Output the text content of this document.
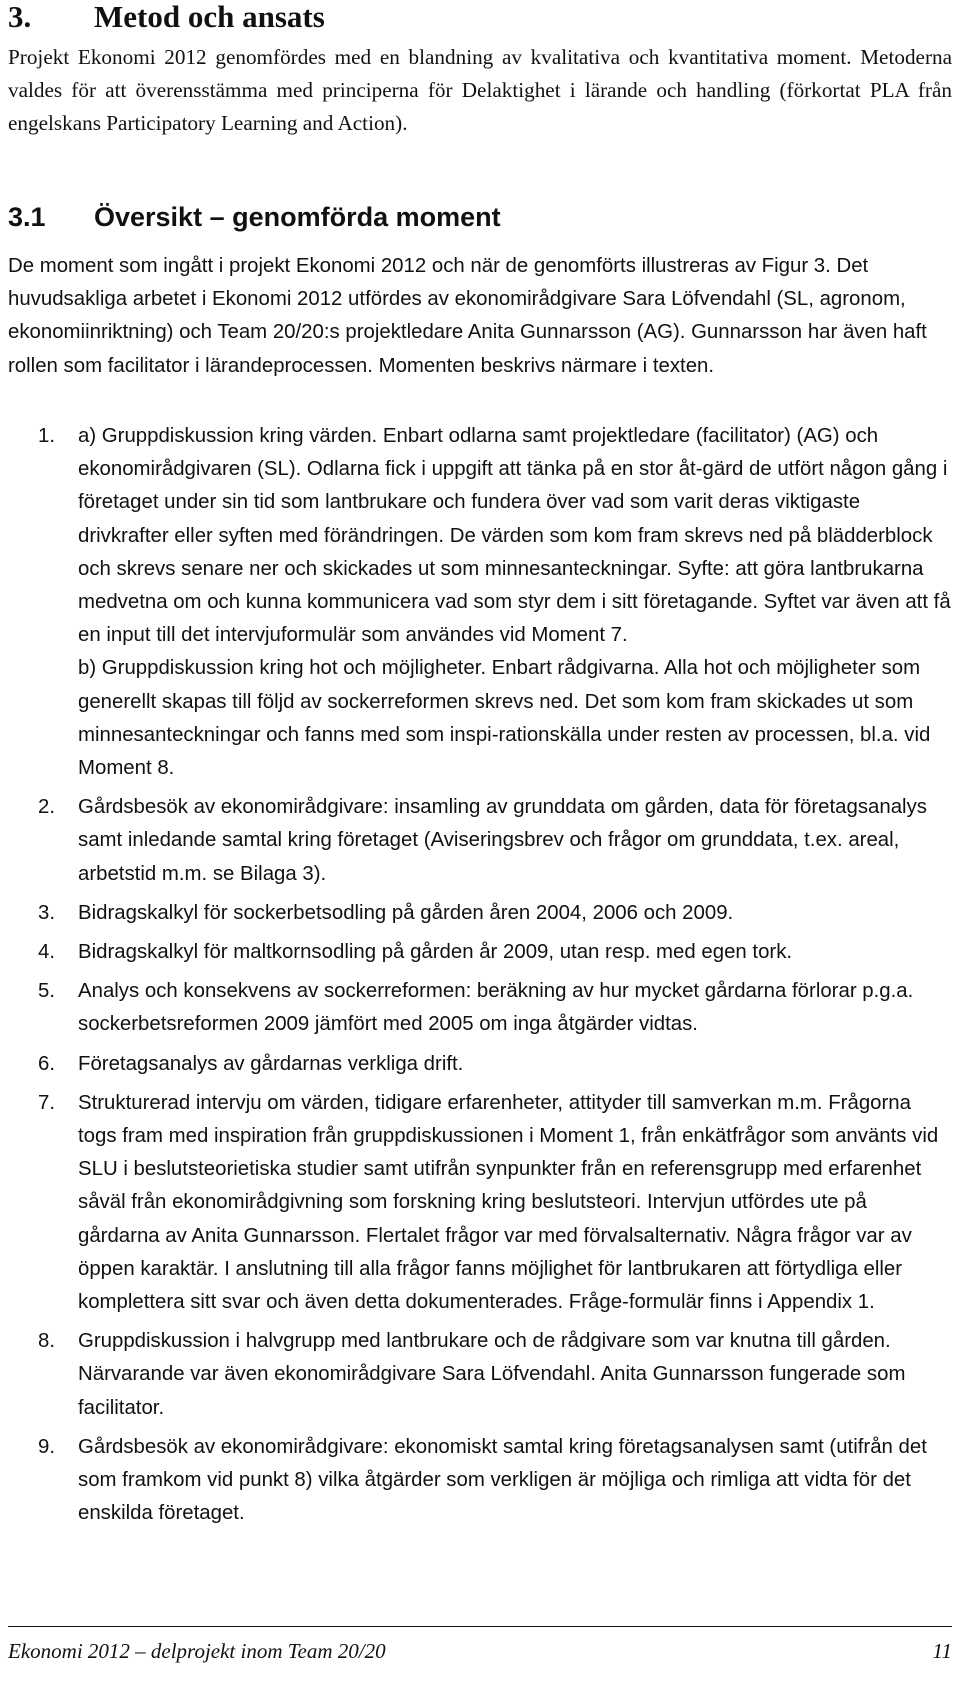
3. Metod och ansats
Projekt Ekonomi 2012 genomfördes med en blandning av kvalitativa och kvantitativa moment. Metoderna valdes för att överensstämma med principerna för Delaktighet i lärande och handling (förkortat PLA från engelskans Participatory Learning and Action).
3.1 Översikt – genomförda moment
De moment som ingått i projekt Ekonomi 2012 och när de genomförts illustreras av Figur 3. Det huvudsakliga arbetet i Ekonomi 2012 utfördes av ekonomirådgivare Sara Löfvendahl (SL, agronom, ekonomiinriktning) och Team 20/20:s projektledare Anita Gunnarsson (AG). Gunnarsson har även haft rollen som facilitator i lärandeprocessen. Momenten beskrivs närmare i texten.
1.	a) Gruppdiskussion kring värden. Enbart odlarna samt projektledare (facilitator) (AG) och ekonomirådgivaren (SL). Odlarna fick i uppgift att tänka på en stor åt-gärd de utfört någon gång i företaget under sin tid som lantbrukare och fundera över vad som varit deras viktigaste drivkrafter eller syften med förändringen. De värden som kom fram skrevs ned på blädderblock och skrevs senare ner och skickades ut som minnesanteckningar. Syfte: att göra lantbrukarna medvetna om och kunna kommunicera vad som styr dem i sitt företagande. Syftet var även att få en input till det intervjuformulär som användes vid Moment 7.
b) Gruppdiskussion kring hot och möjligheter. Enbart rådgivarna. Alla hot och möjligheter som generellt skapas till följd av sockerreformen skrevs ned. Det som kom fram skickades ut som minnesanteckningar och fanns med som inspi-rationskälla under resten av processen, bl.a. vid Moment 8.
2.	Gårdsbesök av ekonomirådgivare: insamling av grunddata om gården, data för företagsanalys samt inledande samtal kring företaget (Aviseringsbrev och frågor om grunddata, t.ex. areal, arbetstid m.m. se Bilaga 3).
3.	Bidragskalkyl för sockerbetsodling på gården åren 2004, 2006 och 2009.
4.	Bidragskalkyl för maltkornsodling på gården år 2009, utan resp. med egen tork.
5.	Analys och konsekvens av sockerreformen: beräkning av hur mycket gårdarna förlorar p.g.a. sockerbetsreformen 2009 jämfört med 2005 om inga åtgärder vidtas.
6.	Företagsanalys av gårdarnas verkliga drift.
7.	Strukturerad intervju om värden, tidigare erfarenheter, attityder till samverkan m.m. Frågorna togs fram med inspiration från gruppdiskussionen i Moment 1, från enkätfrågor som använts vid SLU i beslutsteorietiska studier samt utifrån synpunkter från en referensgrupp med erfarenhet såväl från ekonomirådgivning som forskning kring beslutsteori. Intervjun utfördes ute på gårdarna av Anita Gunnarsson. Flertalet frågor var med förvalsalternativ. Några frågor var av öppen karaktär. I anslutning till alla frågor fanns möjlighet för lantbrukaren att förtydliga eller komplettera sitt svar och även detta dokumenterades. Fråge-formulär finns i Appendix 1.
8.	Gruppdiskussion i halvgrupp med lantbrukare och de rådgivare som var knutna till gården. Närvarande var även ekonomirådgivare Sara Löfvendahl. Anita Gunnarsson fungerade som facilitator.
9.	Gårdsbesök av ekonomirådgivare: ekonomiskt samtal kring företagsanalysen samt (utifrån det som framkom vid punkt 8) vilka åtgärder som verkligen är möjliga och rimliga att vidta för det enskilda företaget.
Ekonomi 2012 – delprojekt inom Team 20/20	11
